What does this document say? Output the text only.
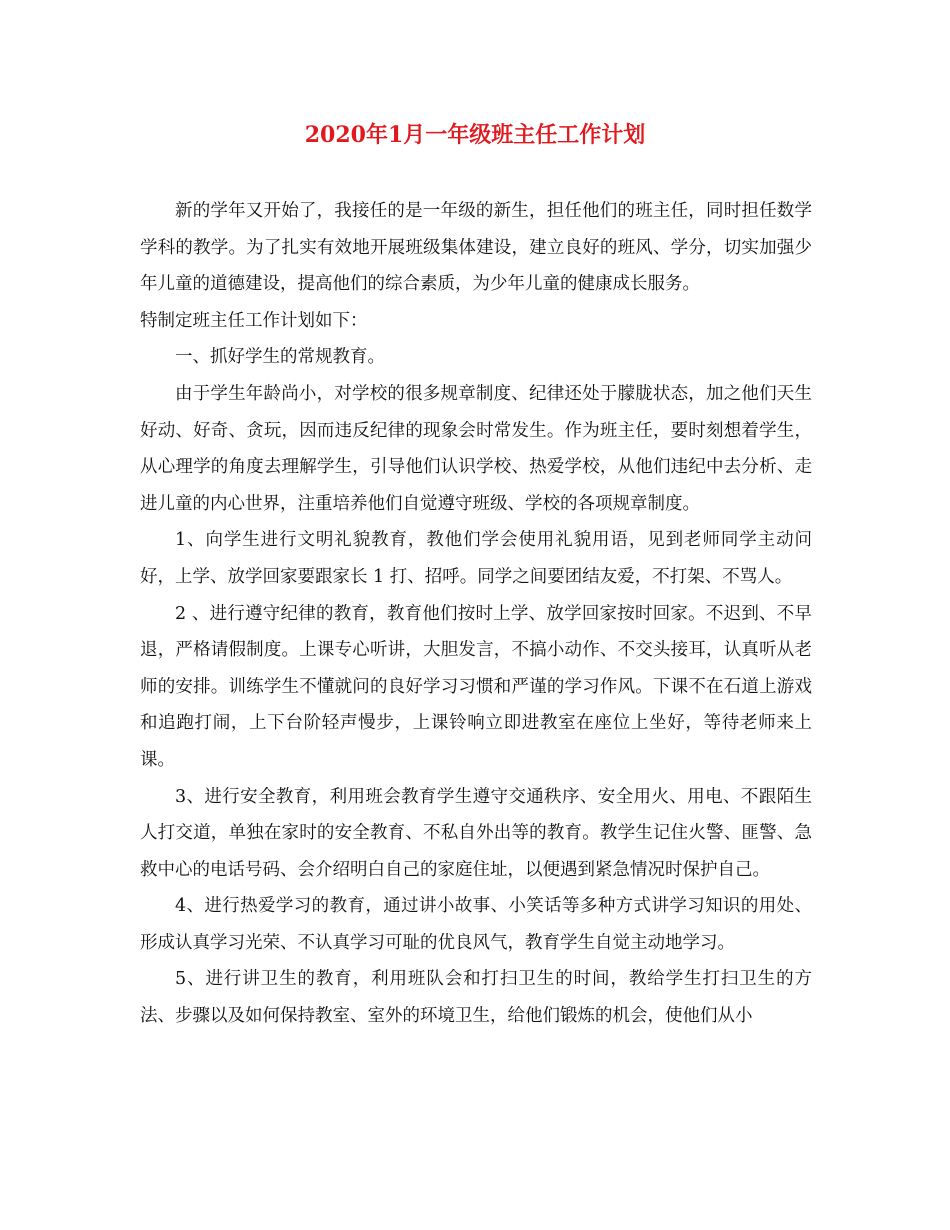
2020年1月一年级班主任工作计划

新的学年又开始了，我接任的是一年级的新生，担任他们的班主任，同时担任数学学科的教学。为了扎实有效地开展班级集体建设，建立良好的班风、学分，切实加强少年儿童的道德建设，提高他们的综合素质，为少年儿童的健康成长服务。

特制定班主任工作计划如下：

一、抓好学生的常规教育。

由于学生年龄尚小，对学校的很多规章制度、纪律还处于朦胧状态，加之他们天生好动、好奇、贪玩，因而违反纪律的现象会时常发生。作为班主任，要时刻想着学生，从心理学的角度去理解学生，引导他们认识学校、热爱学校，从他们违纪中去分析、走进儿童的内心世界，注重培养他们自觉遵守班级、学校的各项规章制度。

1、向学生进行文明礼貌教育，教他们学会使用礼貌用语，见到老师同学主动问好，上学、放学回家要跟家长 1 打、招呼。同学之间要团结友爱，不打架、不骂人。

2 、进行遵守纪律的教育，教育他们按时上学、放学回家按时回家。不迟到、不早退，严格请假制度。上课专心听讲，大胆发言，不搞小动作、不交头接耳，认真听从老师的安排。训练学生不懂就问的良好学习习惯和严谨的学习作风。下课不在石道上游戏和追跑打闹，上下台阶轻声慢步，上课铃响立即进教室在座位上坐好，等待老师来上课。

3、进行安全教育，利用班会教育学生遵守交通秩序、安全用火、用电、不跟陌生人打交道，单独在家时的安全教育、不私自外出等的教育。教学生记住火警、匪警、急救中心的电话号码、会介绍明白自己的家庭住址，以便遇到紧急情况时保护自己。

4、进行热爱学习的教育，通过讲小故事、小笑话等多种方式讲学习知识的用处、形成认真学习光荣、不认真学习可耻的优良风气，教育学生自觉主动地学习。

5、进行讲卫生的教育，利用班队会和打扫卫生的时间，教给学生打扫卫生的方法、步骤以及如何保持教室、室外的环境卫生，给他们锻炼的机会，使他们从小
